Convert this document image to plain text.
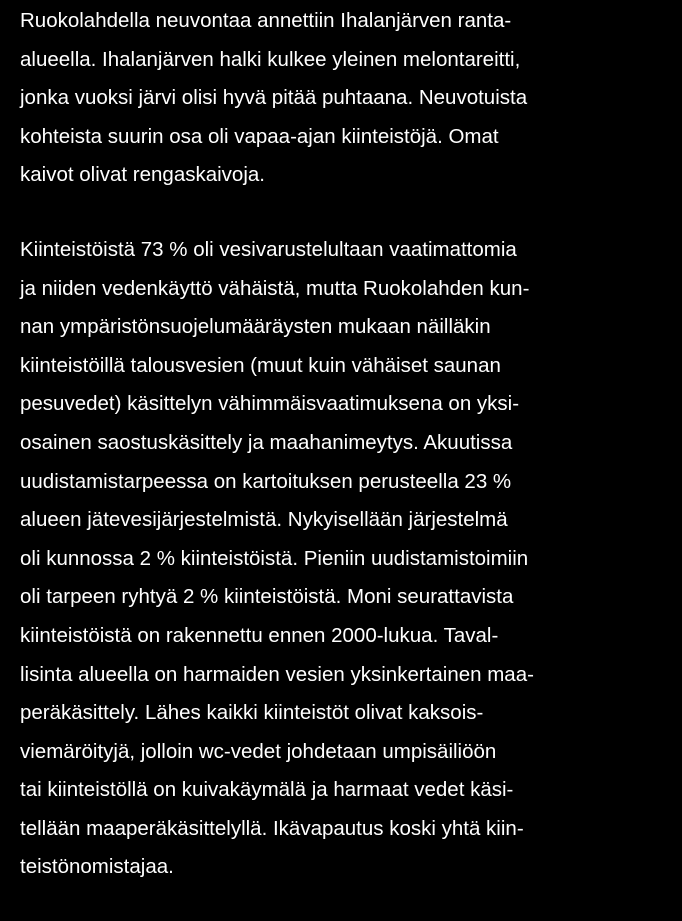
Ruokolahdella neuvontaa annettiin Ihalanjärven ranta-
alueella. Ihalanjärven halki kulkee yleinen melontareitti,
jonka vuoksi järvi olisi hyvä pitää puhtaana. Neuvotuista
kohteista suurin osa oli vapaa-ajan kiinteistöjä. Omat
kaivot olivat rengaskaivoja.
Kiinteistöistä 73 % oli vesivarustelultaan vaatimattomia
ja niiden vedenkäyttö vähäistä, mutta Ruokolahden kun-
nan ympäristönsuojelumääräysten mukaan näilläkin
kiinteistöillä talousvesien (muut kuin vähäiset saunan
pesuvedet) käsittelyn vähimmäisvaatimuksena on yksi-
osainen saostuskäsittely ja maahanimeytys. Akuutissa
uudistamistarpeessa on kartoituksen perusteella 23 %
alueen jätevesijärjestelmistä. Nykyisellään järjestelmä
oli kunnossa 2 % kiinteistöistä. Pieniin uudistamistoimiin
oli tarpeen ryhtyä 2 % kiinteistöistä. Moni seurattavista
kiinteistöistä on rakennettu ennen 2000-lukua. Taval-
lisinta alueella on harmaiden vesien yksinkertainen maa-
peräkäsittely. Lähes kaikki kiinteistöt olivat kaksois-
viemäröityjä, jolloin wc-vedet johdetaan umpisäiliöön
tai kiinteistöllä on kuivakäymälä ja harmaat vedet käsi-
tellään maaperäkäsittelyllä. Ikävapautus koski yhtä kiin-
teistönomistajaa.
